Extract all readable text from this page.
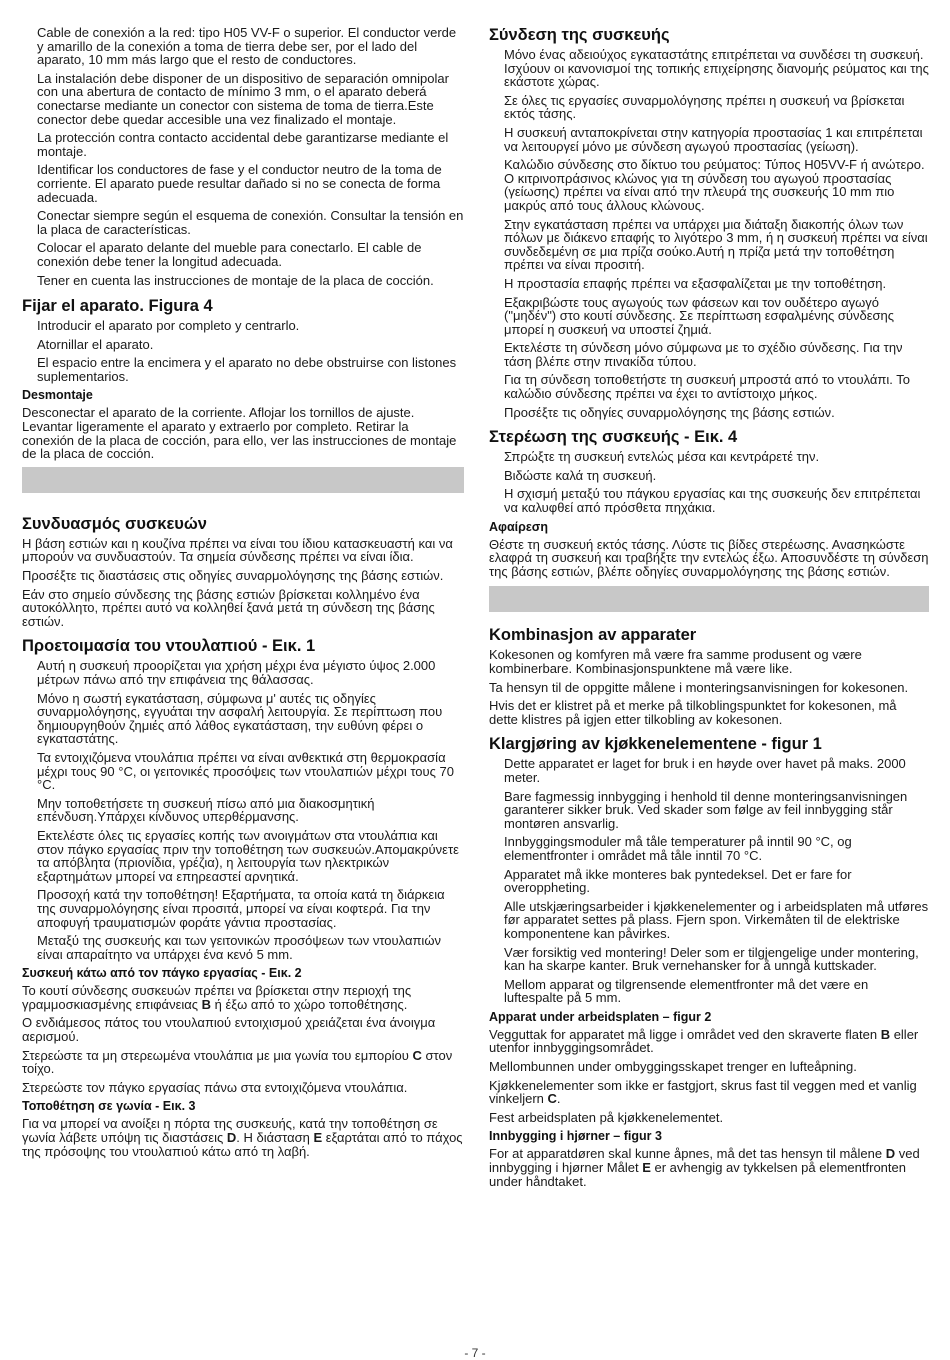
Cable de conexión a la red: tipo H05 VV-F o superior. El conductor verde y amarillo de la conexión a toma de tierra debe ser, por el lado del aparato, 10 mm más largo que el resto de conductores.
La instalación debe disponer de un dispositivo de separación omnipolar con una abertura de contacto de mínimo 3 mm, o el aparato deberá conectarse mediante un conector con sistema de toma de tierra.Este conector debe quedar accesible una vez finalizado el montaje.
La protección contra contacto accidental debe garantizarse mediante el montaje.
Identificar los conductores de fase y el conductor neutro de la toma de corriente. El aparato puede resultar dañado si no se conecta de forma adecuada.
Conectar siempre según el esquema de conexión. Consultar la tensión en la placa de características.
Colocar el aparato delante del mueble para conectarlo. El cable de conexión debe tener la longitud adecuada.
Tener en cuenta las instrucciones de montaje de la placa de cocción.
Fijar el aparato. Figura 4
Introducir el aparato por completo y centrarlo.
Atornillar el aparato.
El espacio entre la encimera y el aparato no debe obstruirse con listones suplementarios.
Desmontaje
Desconectar el aparato de la corriente. Aflojar los tornillos de ajuste. Levantar ligeramente el aparato y extraerlo por completo. Retirar la conexión de la placa de cocción, para ello, ver las instrucciones de montaje de la placa de cocción.
Συνδυασμός συσκευών
Η βάση εστιών και η κουζίνα πρέπει να είναι του ίδιου κατασκευαστή και να μπορούν να συνδυαστούν. Τα σημεία σύνδεσης πρέπει να είναι ίδια.
Προσέξτε τις διαστάσεις στις οδηγίες συναρμολόγησης της βάσης εστιών.
Εάν στο σημείο σύνδεσης της βάσης εστιών βρίσκεται κολλημένο ένα αυτοκόλλητο, πρέπει αυτό να κολληθεί ξανά μετά τη σύνδεση της βάσης εστιών.
Προετοιμασία του ντουλαπιού - Εικ. 1
Αυτή η συσκευή προορίζεται για χρήση μέχρι ένα μέγιστο ύψος 2.000 μέτρων πάνω από την επιφάνεια της θάλασσας.
Μόνο η σωστή εγκατάσταση, σύμφωνα μ' αυτές τις οδηγίες συναρμολόγησης, εγγυάται την ασφαλή λειτουργία. Σε περίπτωση που δημιουργηθούν ζημιές από λάθος εγκατάσταση, την ευθύνη φέρει ο εγκαταστάτης.
Τα εντοιχιζόμενα ντουλάπια πρέπει να είναι ανθεκτικά στη θερμοκρασία μέχρι τους 90 °C, οι γειτονικές προσόψεις των ντουλαπιών μέχρι τους 70 °C.
Μην τοποθετήσετε τη συσκευή πίσω από μια διακοσμητική επένδυση.Υπάρχει κίνδυνος υπερθέρμανσης.
Εκτελέστε όλες τις εργασίες κοπής των ανοιγμάτων στα ντουλάπια και στον πάγκο εργασίας πριν την τοποθέτηση των συσκευών.Απομακρύνετε τα απόβλητα (πριονίδια, γρέζια), η λειτουργία των ηλεκτρικών εξαρτημάτων μπορεί να επηρεαστεί αρνητικά.
Προσοχή κατά την τοποθέτηση! Εξαρτήματα, τα οποία κατά τη διάρκεια της συναρμολόγησης είναι προσιτά, μπορεί να είναι κοφτερά. Για την αποφυγή τραυματισμών φοράτε γάντια προστασίας.
Μεταξύ της συσκευής και των γειτονικών προσόψεων των ντουλαπιών είναι απαραίτητο να υπάρχει ένα κενό 5 mm.
Συσκευή κάτω από τον πάγκο εργασίας - Εικ. 2
Το κουτί σύνδεσης συσκευών πρέπει να βρίσκεται στην περιοχή της γραμμοσκιασμένης επιφάνειας B ή έξω από το χώρο τοποθέτησης.
Ο ενδιάμεσος πάτος του ντουλαπιού εντοιχισμού χρειάζεται ένα άνοιγμα αερισμού.
Στερεώστε τα μη στερεωμένα ντουλάπια με μια γωνία του εμπορίου C στον τοίχο.
Στερεώστε τον πάγκο εργασίας πάνω στα εντοιχιζόμενα ντουλάπια.
Τοποθέτηση σε γωνία - Εικ. 3
Για να μπορεί να ανοίξει η πόρτα της συσκευής, κατά την τοποθέτηση σε γωνία λάβετε υπόψη τις διαστάσεις D. Η διάσταση E εξαρτάται από το πάχος της πρόσοψης του ντουλαπιού κάτω από τη λαβή.
Σύνδεση της συσκευής
Μόνο ένας αδειούχος εγκαταστάτης επιτρέπεται να συνδέσει τη συσκευή. Ισχύουν οι κανονισμοί της τοπικής επιχείρησης διανομής ρεύματος και της εκάστοτε χώρας.
Σε όλες τις εργασίες συναρμολόγησης πρέπει η συσκευή να βρίσκεται εκτός τάσης.
Η συσκευή ανταποκρίνεται στην κατηγορία προστασίας 1 και επιτρέπεται να λειτουργεί μόνο με σύνδεση αγωγού προστασίας (γείωση).
Καλώδιο σύνδεσης στο δίκτυο του ρεύματος: Τύπος H05VV-F ή ανώτερο. Ο κιτρινοπράσινος κλώνος για τη σύνδεση του αγωγού προστασίας (γείωσης) πρέπει να είναι από την πλευρά της συσκευής 10 mm πιο μακρύς από τους άλλους κλώνους.
Στην εγκατάσταση πρέπει να υπάρχει μια διάταξη διακοπής όλων των πόλων με διάκενο επαφής το λιγότερο 3 mm, ή η συσκευή πρέπει να είναι συνδεδεμένη σε μια πρίζα σούκο.Αυτή η πρίζα μετά την τοποθέτηση πρέπει να είναι προσιτή.
Η προστασία επαφής πρέπει να εξασφαλίζεται με την τοποθέτηση.
Εξακριβώστε τους αγωγούς των φάσεων και τον ουδέτερο αγωγό ("μηδέν") στο κουτί σύνδεσης. Σε περίπτωση εσφαλμένης σύνδεσης μπορεί η συσκευή να υποστεί ζημιά.
Εκτελέστε τη σύνδεση μόνο σύμφωνα με το σχέδιο σύνδεσης. Για την τάση βλέπε στην πινακίδα τύπου.
Για τη σύνδεση τοποθετήστε τη συσκευή μπροστά από το ντουλάπι. Το καλώδιο σύνδεσης πρέπει να έχει το αντίστοιχο μήκος.
Προσέξτε τις οδηγίες συναρμολόγησης της βάσης εστιών.
Στερέωση της συσκευής - Εικ. 4
Σπρώξτε τη συσκευή εντελώς μέσα και κεντράρετέ την.
Βιδώστε καλά τη συσκευή.
Η σχισμή μεταξύ του πάγκου εργασίας και της συσκευής δεν επιτρέπεται να καλυφθεί από πρόσθετα πηχάκια.
Αφαίρεση
Θέστε τη συσκευή εκτός τάσης. Λύστε τις βίδες στερέωσης. Ανασηκώστε ελαφρά τη συσκευή και τραβήξτε την εντελώς έξω. Αποσυνδέστε τη σύνδεση της βάσης εστιών, βλέπε οδηγίες συναρμολόγησης της βάσης εστιών.
Kombinasjon av apparater
Kokesonen og komfyren må være fra samme produsent og være kombinerbare. Kombinasjonspunktene må være like.
Ta hensyn til de oppgitte målene i monteringsanvisningen for kokesonen.
Hvis det er klistret på et merke på tilkoblingspunktet for kokesonen, må dette klistres på igjen etter tilkobling av kokesonen.
Klargjøring av kjøkkenelementene - figur 1
Dette apparatet er laget for bruk i en høyde over havet på maks. 2000 meter.
Bare fagmessig innbygging i henhold til denne monteringsanvisningen garanterer sikker bruk. Ved skader som følge av feil innbygging står montøren ansvarlig.
Innbyggingsmoduler må tåle temperaturer på inntil 90 °C, og elementfronter i området må tåle inntil 70 °C.
Apparatet må ikke monteres bak pyntedeksel. Det er fare for overoppheting.
Alle utskjæringsarbeider i kjøkkenelementer og i arbeidsplaten må utføres før apparatet settes på plass. Fjern spon. Virkemåten til de elektriske komponentene kan påvirkes.
Vær forsiktig ved montering! Deler som er tilgjengelige under montering, kan ha skarpe kanter. Bruk vernehansker for å unngå kuttskader.
Mellom apparat og tilgrensende elementfronter må det være en luftespalte på 5 mm.
Apparat under arbeidsplaten – figur 2
Vegguttak for apparatet må ligge i området ved den skraverte flaten B eller utenfor innbyggingsområdet.
Mellombunnen under ombyggingsskapet trenger en lufteåpning.
Kjøkkenelementer som ikke er fastgjort, skrus fast til veggen med et vanlig vinkeljern C.
Fest arbeidsplaten på kjøkkenelementet.
Innbygging i hjørner – figur 3
For at apparatdøren skal kunne åpnes, må det tas hensyn til målene D ved innbygging i hjørner Målet E er avhengig av tykkelsen på elementfronten under håndtaket.
- 7 -
